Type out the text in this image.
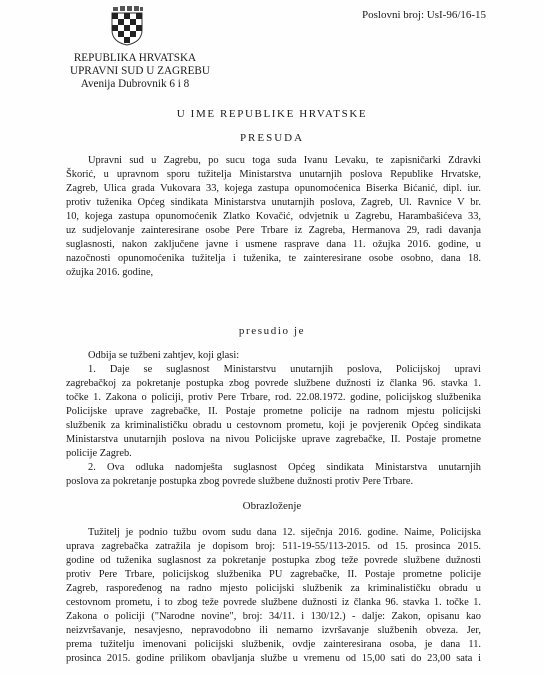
Poslovni broj: UsI-96/16-15
REPUBLIKA HRVATSKA
UPRAVNI SUD U ZAGREBU
Avenija Dubrovnik 6 i 8
U IME REPUBLIKE HRVATSKE
PRESUDA
Upravni sud u Zagrebu, po sucu toga suda Ivanu Levaku, te zapisničarki Zdravki
Škorić, u upravnom sporu tužitelja Ministarstva unutarnjih poslova Republike Hrvatske,
Zagreb, Ulica grada Vukovara 33, kojega zastupa opunomoćenica Biserka Bićanić, dipl. iur.
protiv tuženika Općeg sindikata Ministarstva unutarnjih poslova, Zagreb, Ul. Ravnice V br.
10, kojega zastupa opunomoćenik Zlatko Kovačić, odvjetnik u Zagrebu, Harambašićeva 33,
uz sudjelovanje zainteresirane osobe Pere Trbare iz Zagreba, Hermanova 29, radi davanja
suglasnosti, nakon zaključene javne i usmene rasprave dana 11. ožujka 2016. godine, u
nazočnosti opunomoćenika tužitelja i tuženika, te zainteresirane osobe osobno, dana 18.
ožujka 2016. godine,
presudio je
Odbija se tužbeni zahtjev, koji glasi:
1. Daje se suglasnost Ministarstvu unutarnjih poslova, Policijskoj upravi
zagrebačkoj za pokretanje postupka zbog povrede službene dužnosti iz članka 96. stavka 1.
točke 1. Zakona o policiji, protiv Pere Trbare, rod. 22.08.1972. godine, policijskog službenika
Policijske uprave zagrebačke, II. Postaje prometne policije na radnom mjestu policijski
službenik za kriminalističku obradu u cestovnom prometu, koji je povjerenik Općeg sindikata
Ministarstva unutarnjih poslova na nivou Policijske uprave zagrebačke, II. Postaje prometne
policije Zagreb.
2. Ova odluka nadomješta suglasnost Općeg sindikata Ministarstva unutarnjih
poslova za pokretanje postupka zbog povrede službene dužnosti protiv Pere Trbare.
Obrazloženje
Tužitelj je podnio tužbu ovom sudu dana 12. siječnja 2016. godine. Naime, Policijska
uprava zagrebačka zatražila je dopisom broj: 511-19-55/113-2015. od 15. prosinca 2015.
godine od tuženika suglasnost za pokretanje postupka zbog teže povrede službene dužnosti
protiv Pere Trbare, policijskog službenika PU zagrebačke, II. Postaje prometne policije
Zagreb, raspoređenog na radno mjesto policijski službenik za kriminalističku obradu u
cestovnom prometu, i to zbog teže povrede službene dužnosti iz članka 96. stavka 1. točke 1.
Zakona o policiji ("Narodne novine", broj: 34/11. i 130/12.) - dalje: Zakon, opisanu kao
neizvršavanje, nesavjesno, nepravodobno ili nemarno izvršavanje službenih obveza. Jer,
prema tužitelju imenovani policijski službenik, ovdje zainteresirana osoba, je dana 11.
prosinca 2015. godine prilikom obavljanja službe u vremenu od 15,00 sati do 23,00 sata i
